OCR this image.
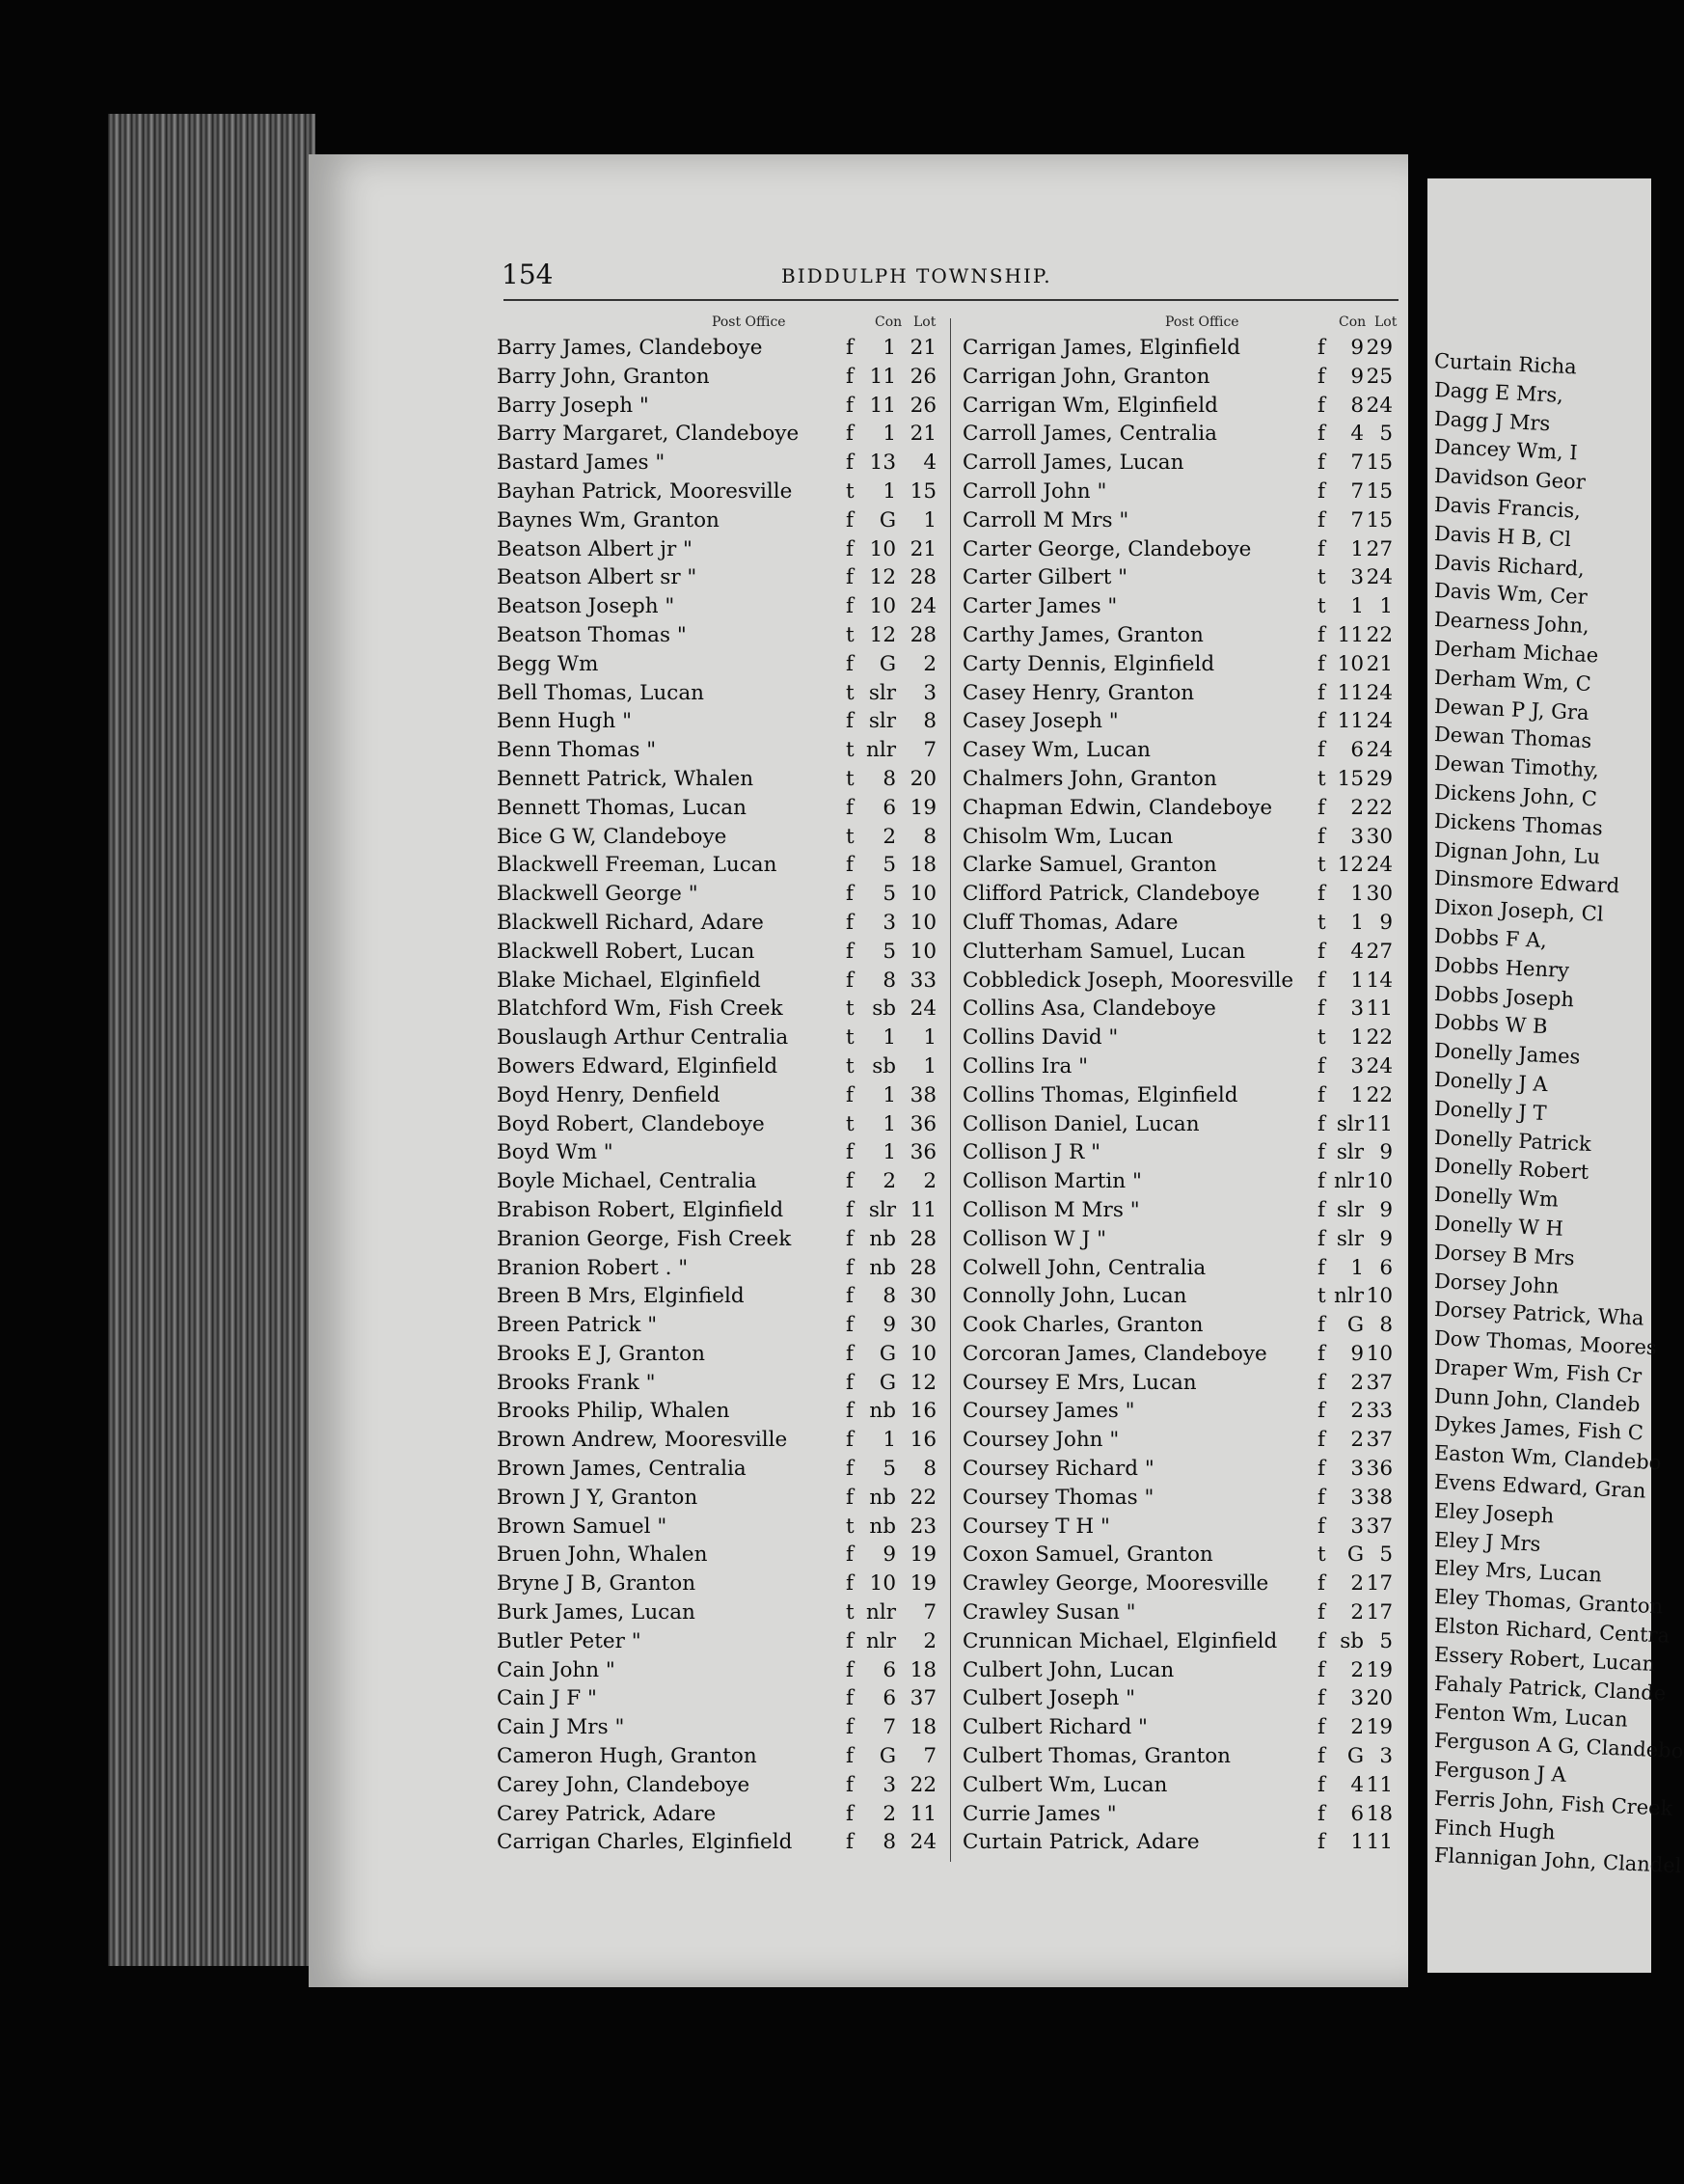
154	BIDDULPH TOWNSHIP.
Post Office	Con Lot	Post Office	Con Lot
Barry James, Clandeboye	f	1 21
Barry John, Granton	f 11 26
Barry Joseph "	f 11 26
Barry Margaret, Clandeboye f	1 21
Bastard James "	f 13	4
Bayhan Patrick, Mooresville	t	1 15
Baynes Wm, Granton	f	G	1
Beatson Albert jr "	f 10 21
Beatson Albert sr "	f 12 28
Beatson Joseph "	f 10 24
Beatson Thomas "	t 12 28
Begg Wm	f	G	2
Bell Thomas, Lucan	t slr	3
Benn Hugh "	f slr	8
Benn Thomas "	t nlr	7
Bennett Patrick, Whalen	t	8 20
Bennett Thomas, Lucan	f	6 19
Bice G W, Clandeboye	t	2	8
Blackwell Freeman, Lucan	f	5 18
Blackwell George "	f	5 10
Blackwell Richard, Adare	f	3 10
Blackwell Robert, Lucan	f	5 10
Blake Michael, Elginfield	f	8 33
Blatchford Wm, Fish Creek	t sb 24
Bouslaugh Arthur Centralia	t	1	1
Bowers Edward, Elginfield	t sb	1
Boyd Henry, Denfield	f	1 38
Boyd Robert, Clandeboye	t	1 36
Boyd Wm "	f	1 36
Boyle Michael, Centralia	f	2	2
Brabison Robert, Elginfield	f slr 11
Branion George, Fish Creek	f nb 28
Branion Robert . "	f nb 28
Breen B Mrs, Elginfield	f	8 30
Breen Patrick "	f	9 30
Brooks E J, Granton	f	G 10
Brooks Frank "	f	G 12
Brooks Philip, Whalen	f nb 16
Brown Andrew, Mooresville	f	1 16
Brown James, Centralia	f	5	8
Brown J Y, Granton	f nb 22
Brown Samuel "	t nb 23
Bruen John, Whalen	f	9 19
Bryne J B, Granton	f 10 19
Burk James, Lucan	t nlr	7
Butler Peter "	f nlr	2
Cain John "	f	6 18
Cain J F "	f	6 37
Cain J Mrs "	f	7 18
Cameron Hugh, Granton	f	G	7
Carey John, Clandeboye	f	3 22
Carey Patrick, Adare	f	2 11
Carrigan Charles, Elginfield	f	8 24
Carrigan James, Elginfield	f	9 29
Carrigan John, Granton	f	9 25
Carrigan Wm, Elginfield	f	8 24
Carroll James, Centralia	f	4 5
Carroll James, Lucan	f	7 15
Carroll John "	f	7 15
Carroll M Mrs "	f	7 15
Carter George, Clandeboye	f	1 27
Carter Gilbert "	t	3 24
Carter James "	t	1 1
Carthy James, Granton	f 11 22
Carty Dennis, Elginfield	f 10 21
Casey Henry, Granton	f 11 24
Casey Joseph "	f 11 24
Casey Wm, Lucan	f	6 24
Chalmers John, Granton	t 15 29
Chapman Edwin, Clandeboye f	2 22
Chisolm Wm, Lucan	f	3 30
Clarke Samuel, Granton	t 12 24
Clifford Patrick, Clandeboye	f	1 30
Cluff Thomas, Adare	t	1 9
Clutterham Samuel, Lucan	f	4 27
Cobbledick Joseph, Mooresville f	1 14
Collins Asa, Clandeboye	f	3 11
Collins David "	t	1 22
Collins Ira "	f	3 24
Collins Thomas, Elginfield	f	1 22
Collison Daniel, Lucan	f slr 11
Collison J R "	f slr 9
Collison Martin "	f nlr 10
Collison M Mrs "	f slr 9
Collison W J "	f slr 9
Colwell John, Centralia	f	1 6
Connolly John, Lucan	t nlr 10
Cook Charles, Granton	f	G 8
Corcoran James, Clandeboye f	9 10
Coursey E Mrs, Lucan	f	2 37
Coursey James "	f	2 33
Coursey John "	f	2 37
Coursey Richard "	f	3 36
Coursey Thomas "	f	3 38
Coursey T H "	f	3 37
Coxon Samuel, Granton	t	G 5
Crawley George, Mooresville f	2 17
Crawley Susan "	f	2 17
Crunnican Michael, Elginfield f sb 5
Culbert John, Lucan	f	2 19
Culbert Joseph "	f	3 20
Culbert Richard "	f	2 19
Culbert Thomas, Granton	f	G 3
Culbert Wm, Lucan	f	4 11
Currie James "	f	6 18
Curtain Patrick, Adare	f	1 11
Curtain Richa
Dagg E Mrs,
Dagg J Mrs
Dancey Wm, I
Davidson Geor
Davis Francis,
Davis H B, Cl
Davis Richard,
Davis Wm, Cer
Dearness John,
Derham Michae
Derham Wm, C
Dewan P J, Gra
Dewan Thomas
Dewan Timothy,
Dickens John, C
Dickens Thomas
Dignan John, Lu
Dinsmore Edward
Dixon Joseph, Cl
Dobbs F A,
Dobbs Henry
Dobbs Joseph
Dobbs W B
Donelly James
Donelly J A
Donelly J T
Donelly Patrick
Donelly Robert
Donelly Wm
Donelly W H
Dorsey B Mrs
Dorsey John
Dorsey Patrick, Wha
Dow Thomas, Moores
Draper Wm, Fish Cr
Dunn John, Clandeb
Dykes James, Fish C
Easton Wm, Clandebo
Evens Edward, Gran
Eley Joseph
Eley J Mrs
Eley Mrs, Lucan
Eley Thomas, Granton
Elston Richard, Centra
Essery Robert, Lucan
Fahaly Patrick, Clande
Fenton Wm, Lucan
Ferguson A G, Clandebo
Ferguson J A
Ferris John, Fish Creek
Finch Hugh
Flannigan John, Clandel
